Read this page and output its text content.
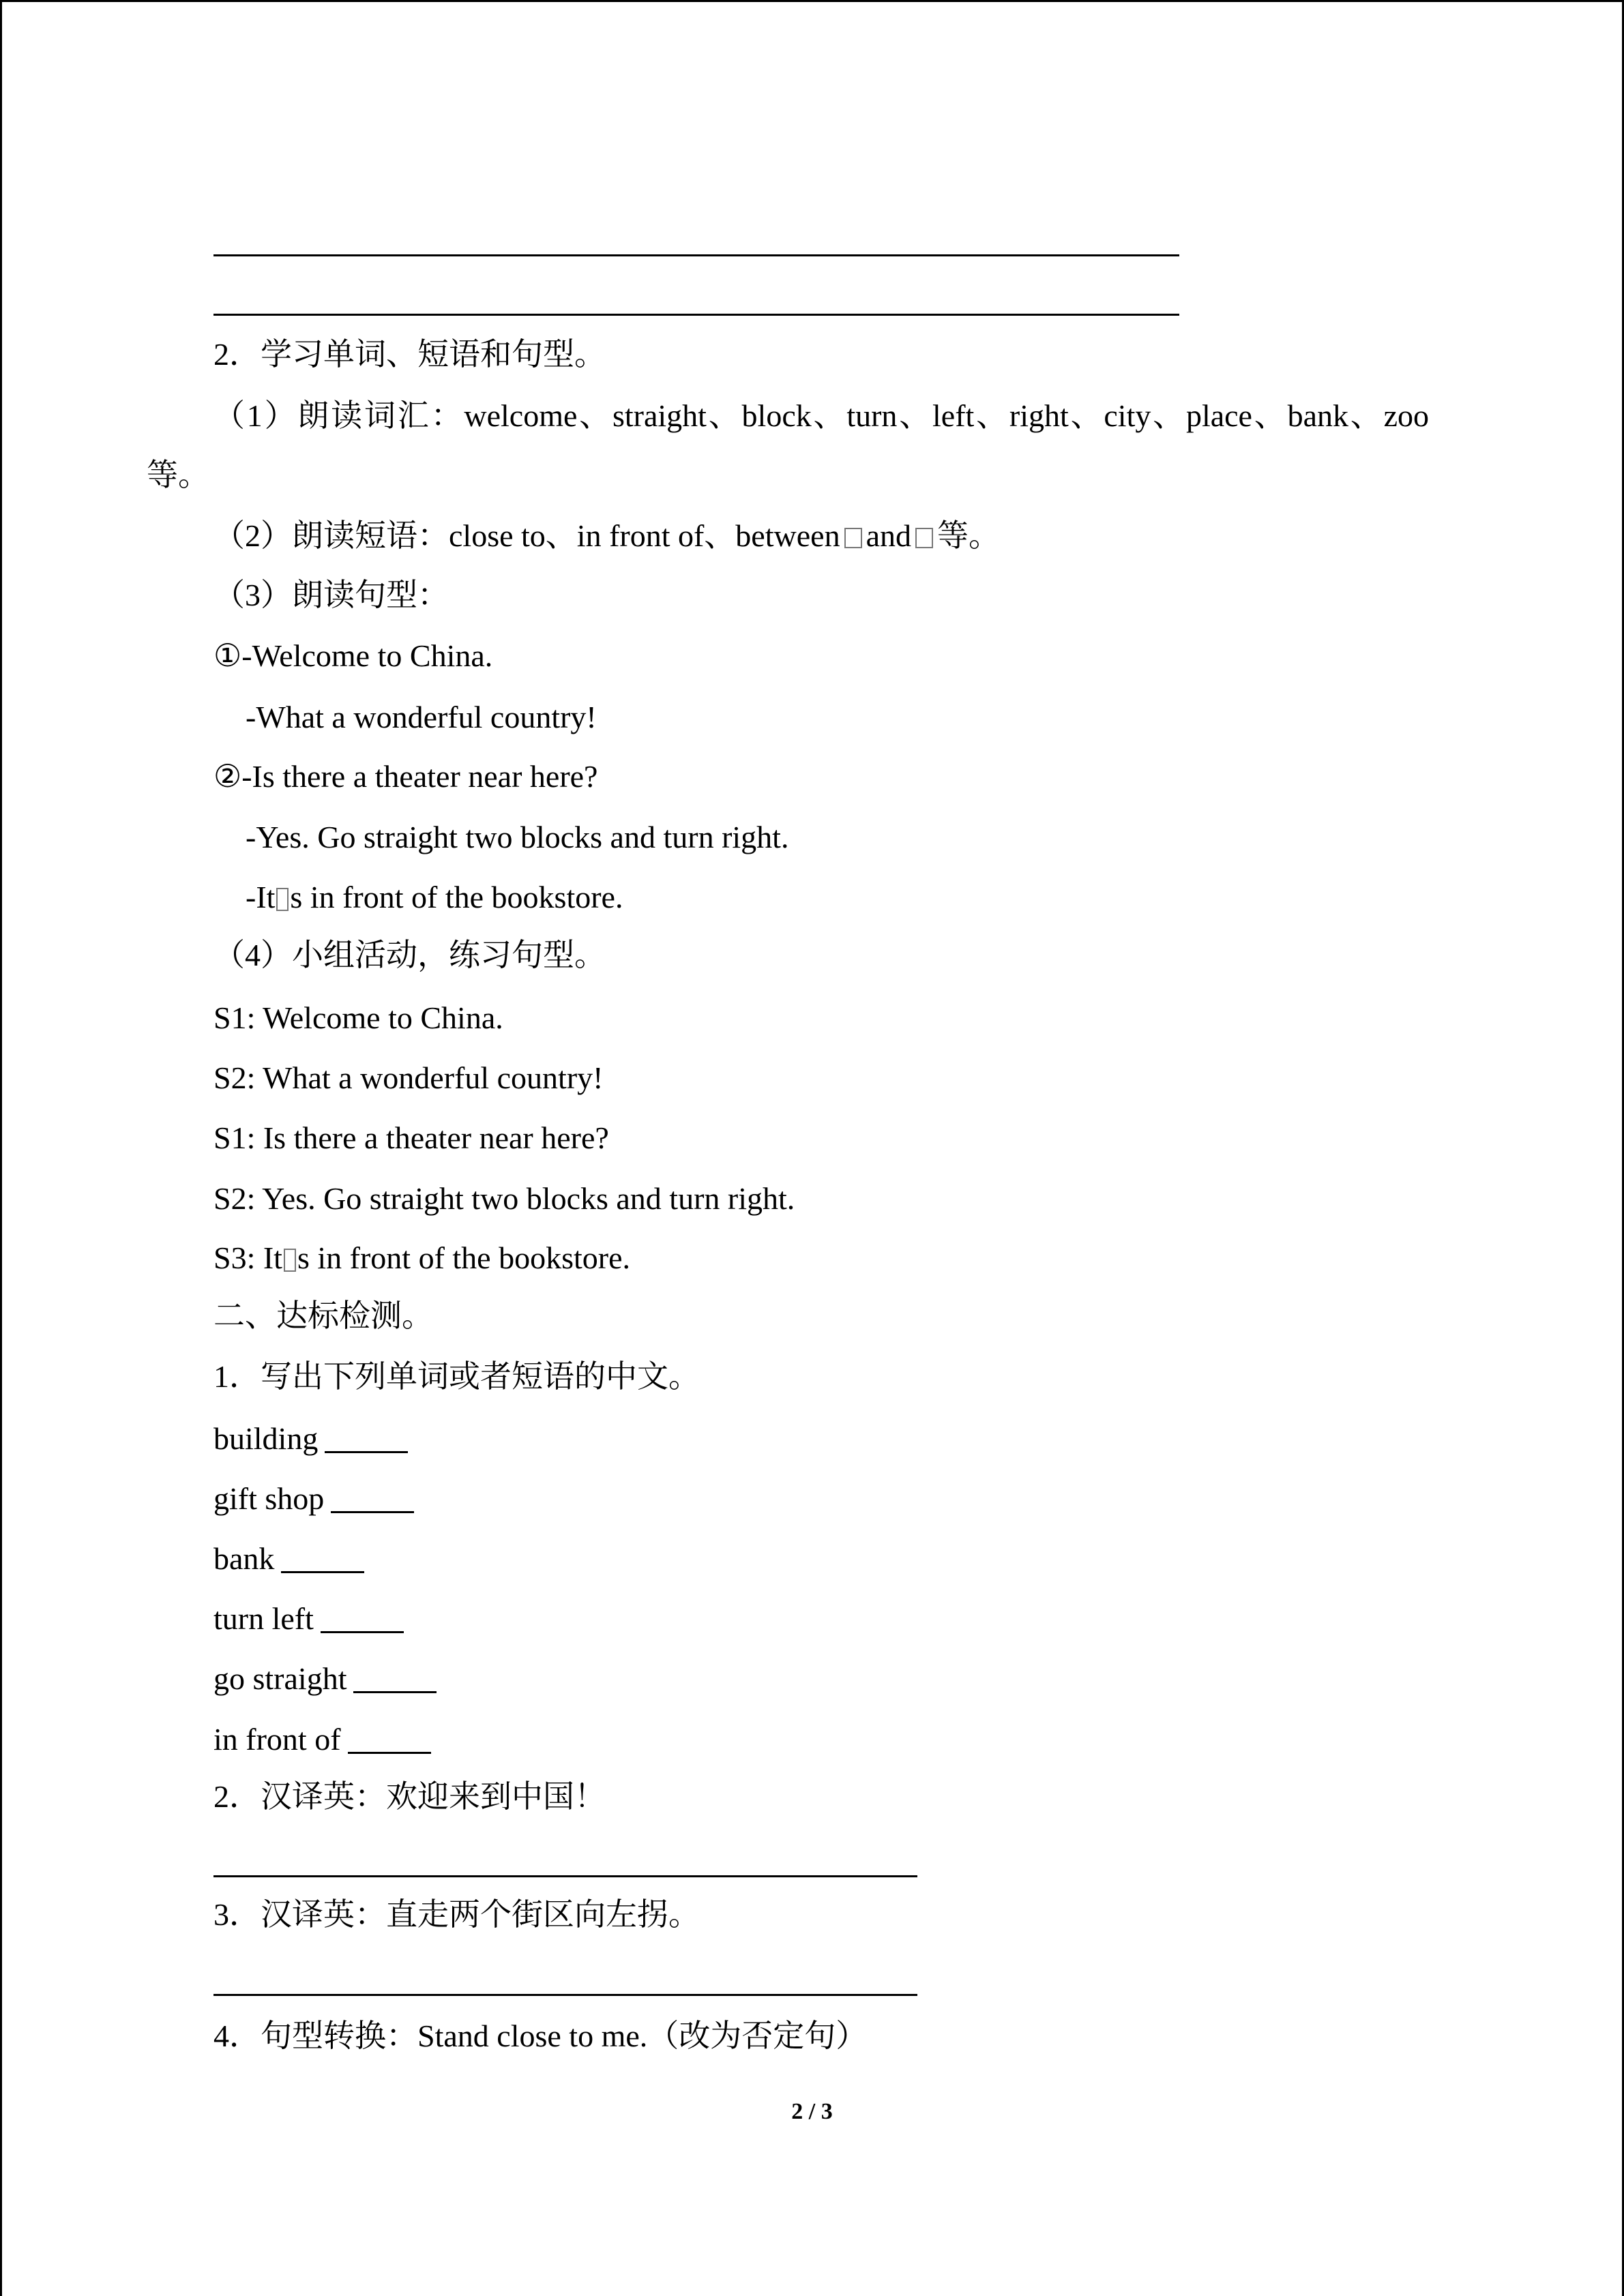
2．学习单词、短语和句型。
（1）朗读词汇：welcome、straight、block、turn、left、right、city、place、bank、zoo
等。
（2）朗读短语：close to、in front of、between and 等。
（3）朗读句型：
①-Welcome to China.
-What a wonderful country!
②-Is there a theater near here?
-Yes. Go straight two blocks and turn right.
-It s in front of the bookstore.
（4）小组活动，练习句型。
S1: Welcome to China.
S2: What a wonderful country!
S1: Is there a theater near here?
S2: Yes. Go straight two blocks and turn right.
S3: It s in front of the bookstore.
二、达标检测。
1．写出下列单词或者短语的中文。
building
gift shop
bank
turn left
go straight
in front of
2．汉译英：欢迎来到中国！
3．汉译英：直走两个街区向左拐。
4．句型转换：Stand close to me.（改为否定句）
2 / 3
